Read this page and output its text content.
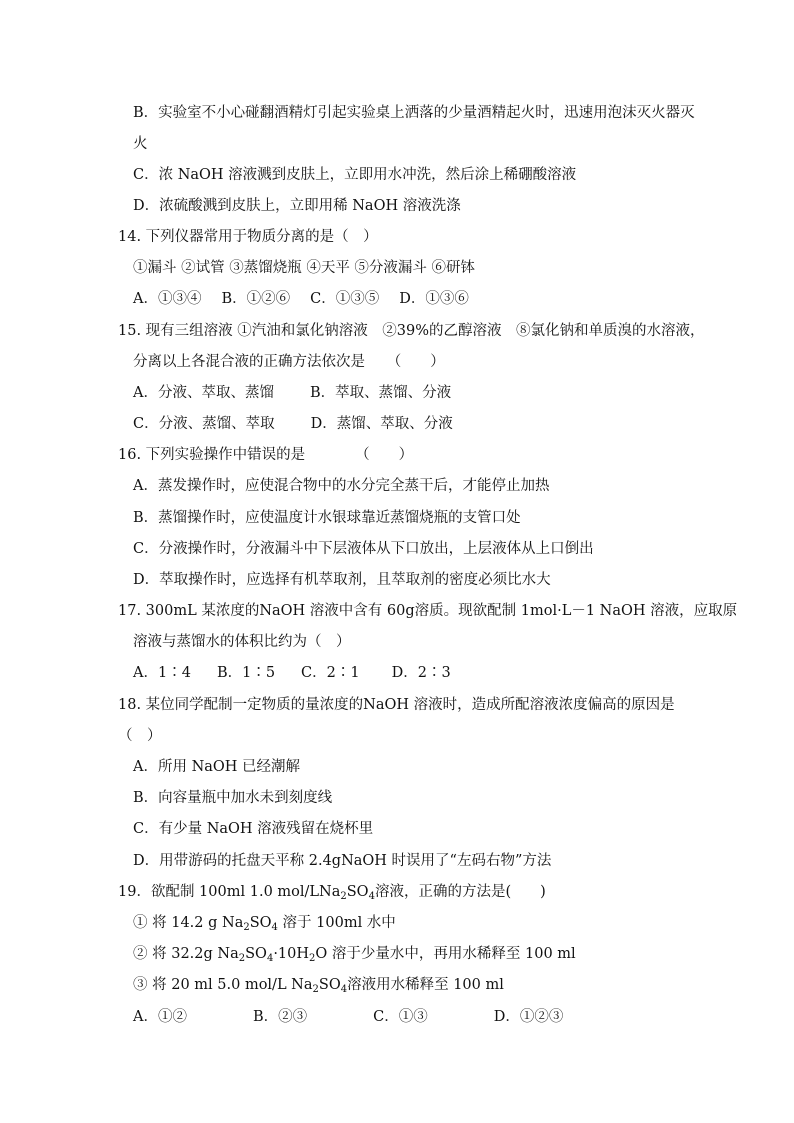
B．实验室不小心碰翻酒精灯引起实验桌上洒落的少量酒精起火时，迅速用泡沫灭火器灭
火
C．浓 NaOH 溶液溅到皮肤上，立即用水冲洗，然后涂上稀硼酸溶液
D．浓硫酸溅到皮肤上，立即用稀 NaOH 溶液洗涤
14. 下列仪器常用于物质分离的是（　）
①漏斗 ②试管 ③蒸馏烧瓶 ④天平 ⑤分液漏斗 ⑥研钵
A．①③④ B．①②⑥ C．①③⑤ D．①③⑥
15. 现有三组溶液 ①汽油和氯化钠溶液　②39%的乙醇溶液　⑧氯化钠和单质溴的水溶液，
分离以上各混合液的正确方法依次是　　（　　）
A．分液、萃取、蒸馏 B．萃取、蒸馏、分液
C．分液、蒸馏、萃取 D．蒸馏、萃取、分液
16. 下列实验操作中错误的是	（　　）
A．蒸发操作时，应使混合物中的水分完全蒸干后，才能停止加热
B．蒸馏操作时，应使温度计水银球靠近蒸馏烧瓶的支管口处
C．分液操作时，分液漏斗中下层液体从下口放出，上层液体从上口倒出
D．萃取操作时，应选择有机萃取剂，且萃取剂的密度必须比水大
17. 300mL 某浓度的NaOH 溶液中含有 60g溶质。现欲配制 1mol·L－1 NaOH 溶液，应取原
溶液与蒸馏水的体积比约为（　）
A．1∶4 B．1∶5 C．2∶1 D．2∶3
18. 某位同学配制一定物质的量浓度的NaOH 溶液时，造成所配溶液浓度偏高的原因是
（　）
A．所用 NaOH 已经潮解
B．向容量瓶中加水未到刻度线
C．有少量 NaOH 溶液残留在烧杯里
D．用带游码的托盘天平称 2.4gNaOH 时误用了“左码右物”方法
19．欲配制 100ml 1.0 mol/$LNa_2SO_4$溶液，正确的方法是(　　)
① 将 14.2 g $Na_2SO_4$ 溶于 100ml 水中
② 将 32.2g $Na_2SO_4\cdot 10H_2O$ 溶于少量水中，再用水稀释至 100 ml
③ 将 20 ml 5.0 mol/L $Na_2SO_4$溶液用水稀释至 100 ml
A．①②	B．②③	C．①③	D．①②③
